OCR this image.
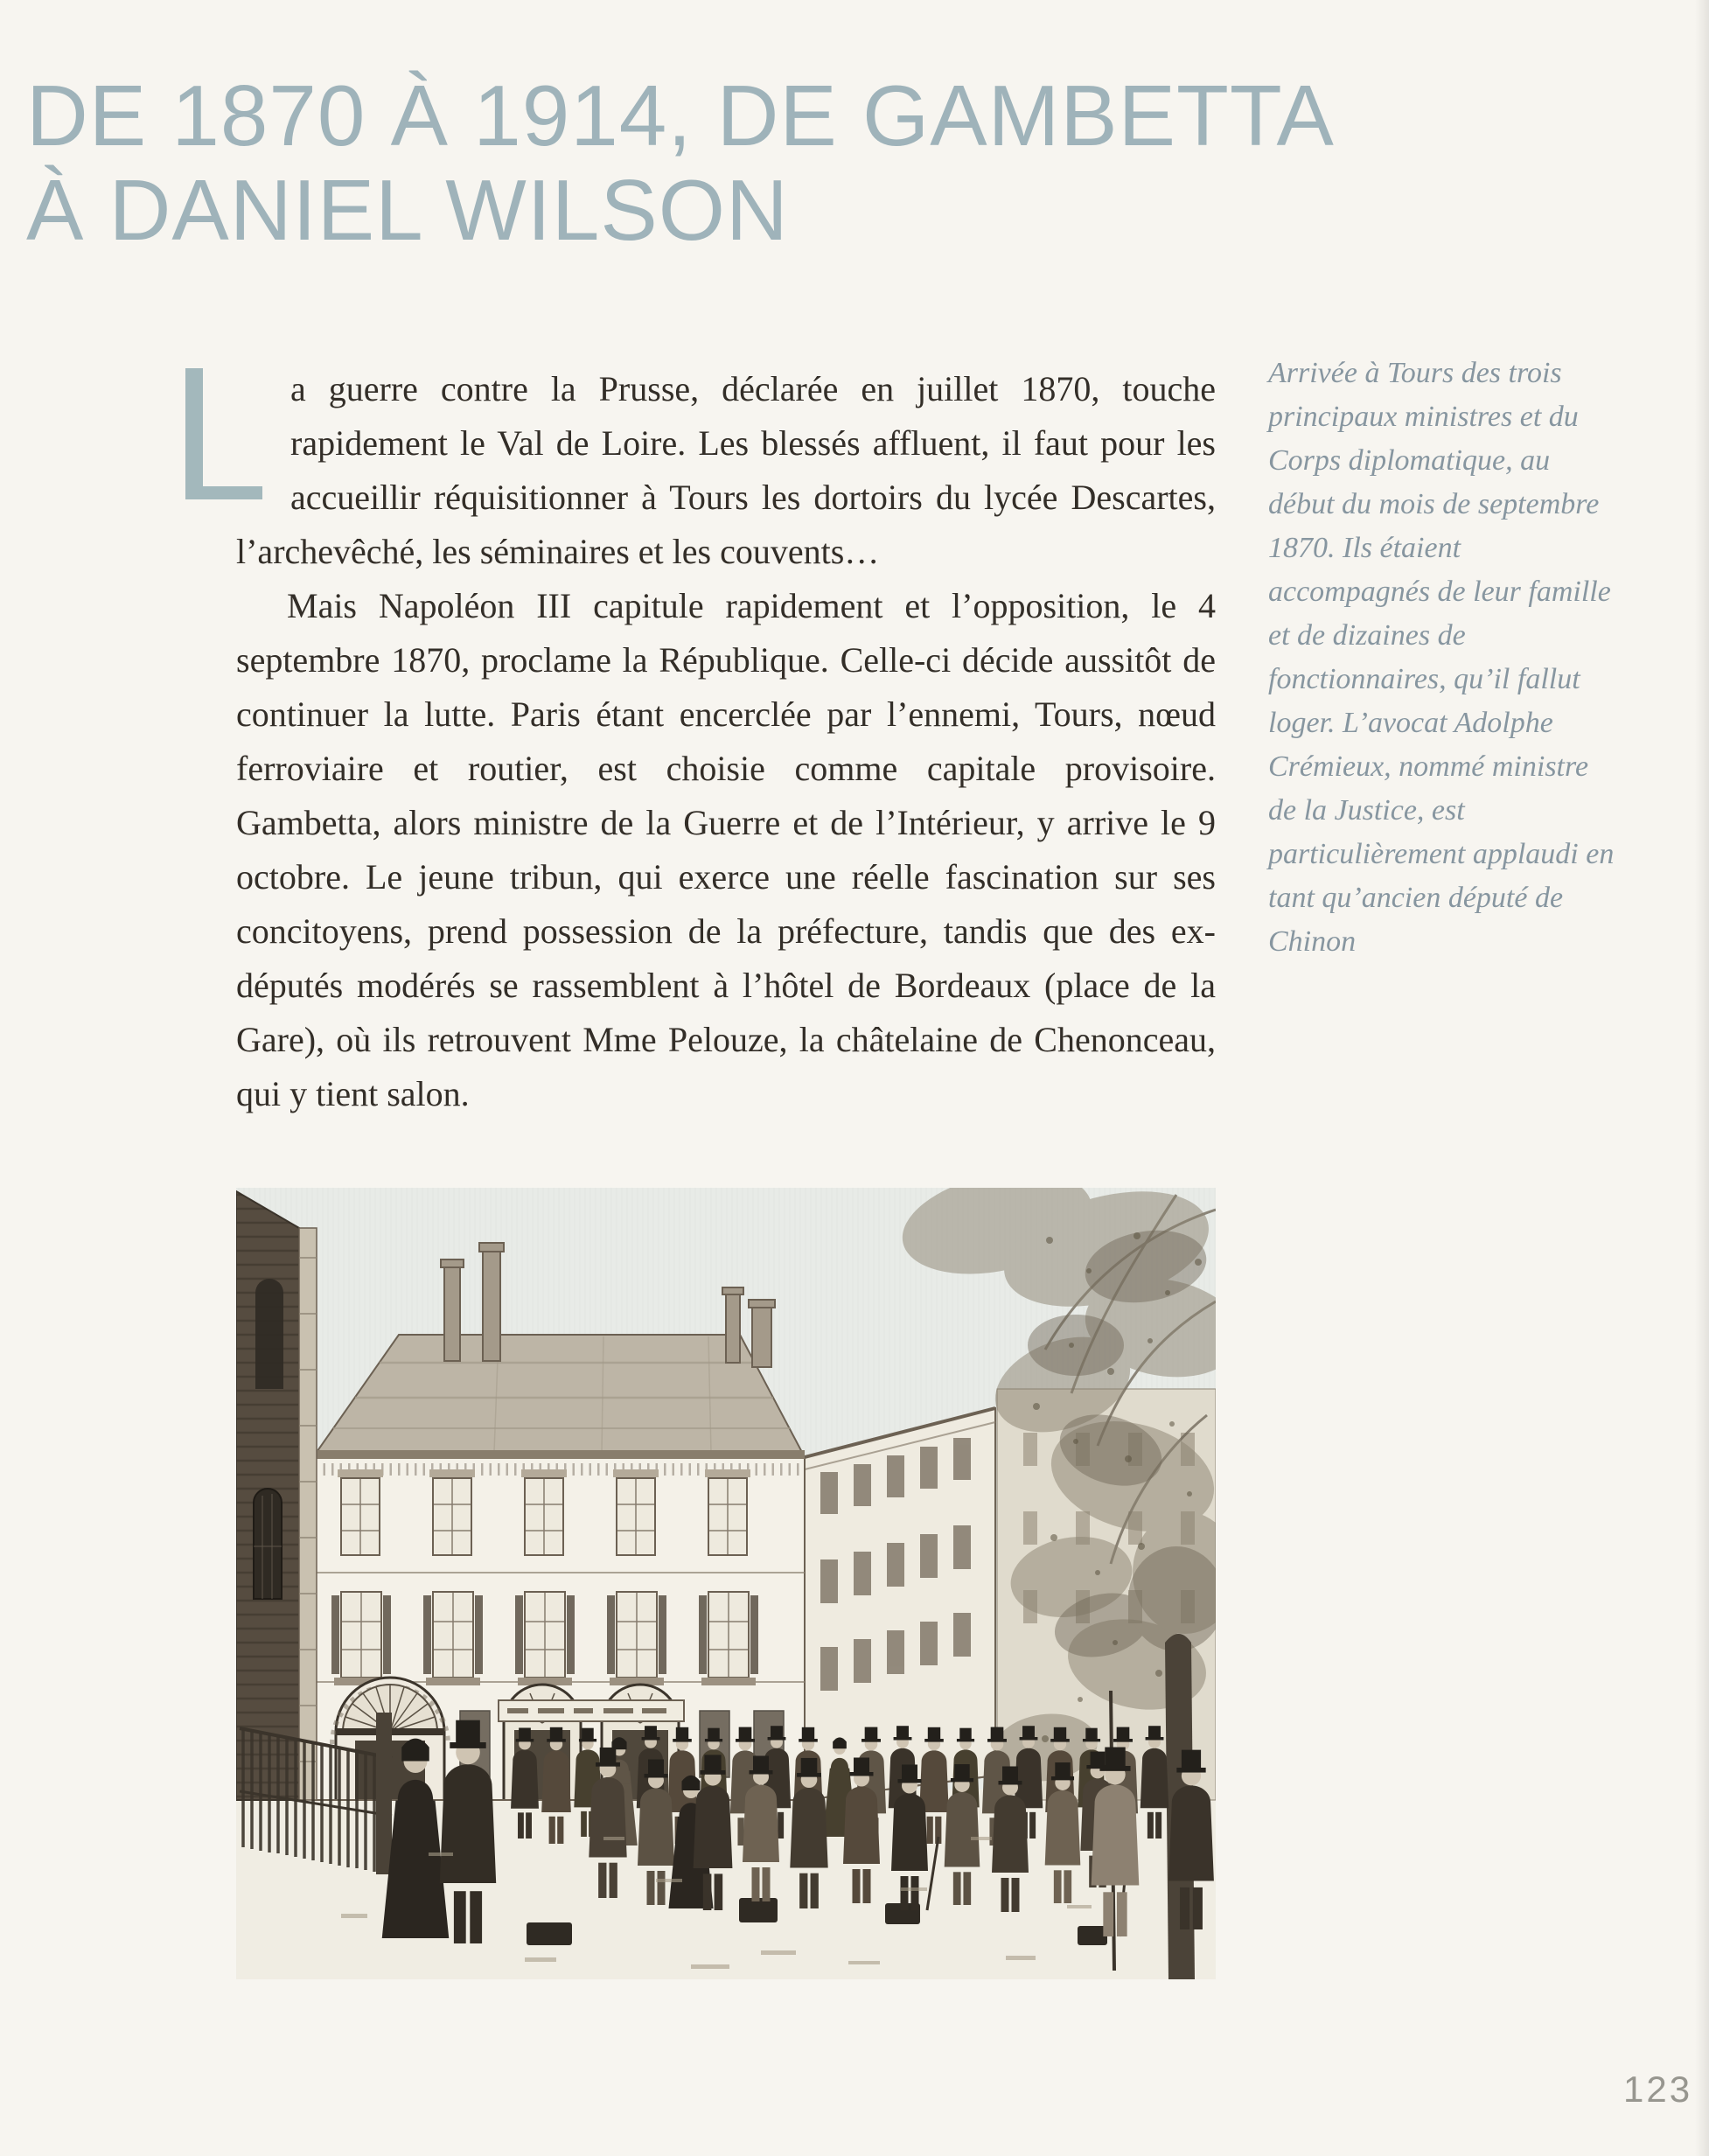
DE 1870 À 1914, DE GAMBETTA
À DANIEL WILSON

a guerre contre la Prusse, déclarée en juillet 1870, touche rapidement le Val de Loire. Les blessés affluent, il faut pour les accueillir réquisitionner à Tours les dortoirs du lycée Descartes, l’archevêché, les séminaires et les couvents…

Mais Napoléon III capitule rapidement et l’opposition, le 4 septembre 1870, proclame la République. Celle-ci décide aussitôt de continuer la lutte. Paris étant encerclée par l’ennemi, Tours, nœud ferroviaire et routier, est choisie comme capitale provisoire. Gambetta, alors ministre de la Guerre et de l’Intérieur, y arrive le 9 octobre. Le jeune tribun, qui exerce une réelle fascination sur ses concitoyens, prend possession de la préfecture, tandis que des ex-députés modérés se rassemblent à l’hôtel de Bordeaux (place de la Gare), où ils retrouvent Mme Pelouze, la châtelaine de Chenonceau, qui y tient salon.

Arrivée à Tours des trois principaux ministres et du Corps diplomatique, au début du mois de septembre 1870. Ils étaient accompagnés de leur famille et de dizaines de fonctionnaires, qu’il fallut loger. L’avocat Adolphe Crémieux, nommé ministre de la Justice, est particulièrement applaudi en tant qu’ancien député de Chinon

123
